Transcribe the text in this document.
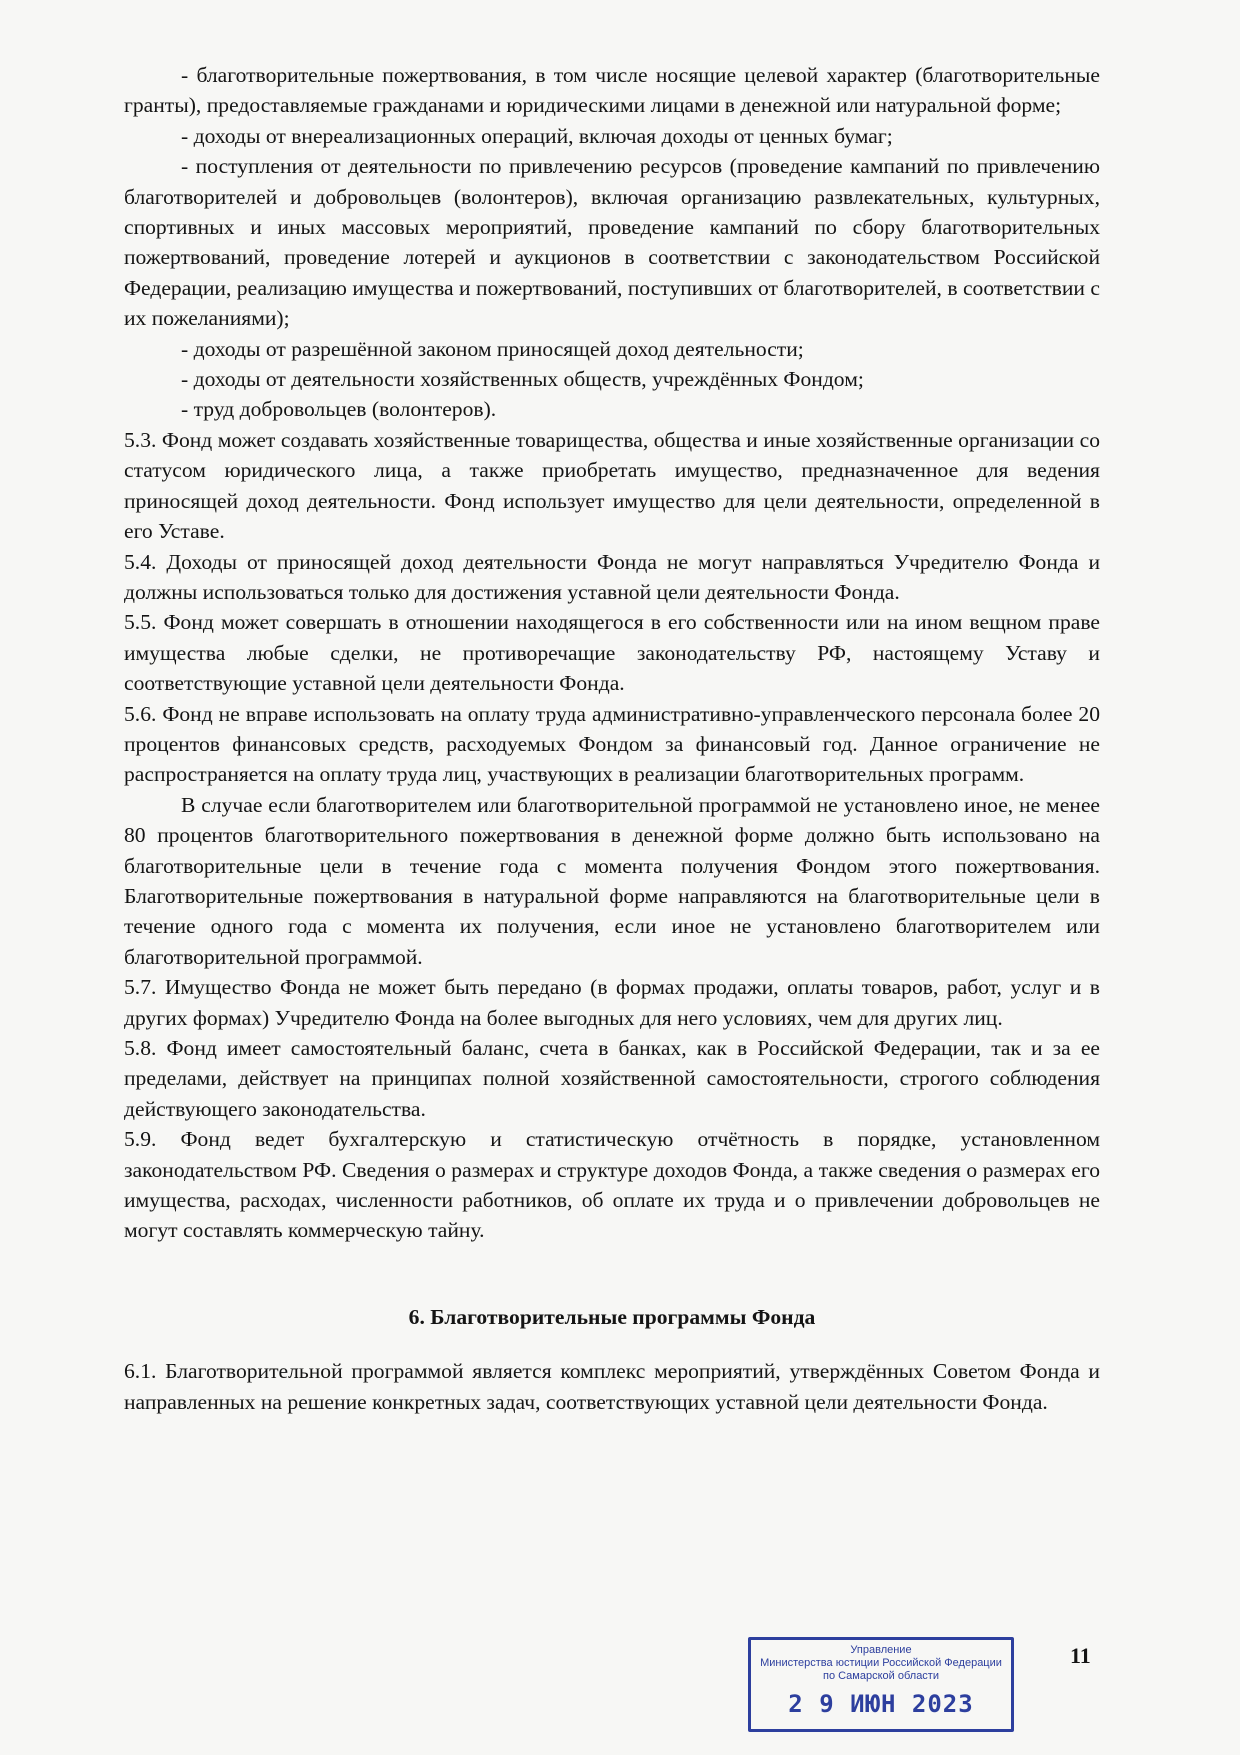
- благотворительные пожертвования, в том числе носящие целевой характер (благотворительные гранты), предоставляемые гражданами и юридическими лицами в денежной или натуральной форме;

- доходы от внереализационных операций, включая доходы от ценных бумаг;

- поступления от деятельности по привлечению ресурсов (проведение кампаний по привлечению благотворителей и добровольцев (волонтеров), включая организацию развлекательных, культурных, спортивных и иных массовых мероприятий, проведение кампаний по сбору благотворительных пожертвований, проведение лотерей и аукционов в соответствии с законодательством Российской Федерации, реализацию имущества и пожертвований, поступивших от благотворителей, в соответствии с их пожеланиями);

- доходы от разрешённой законом приносящей доход деятельности;

- доходы от деятельности хозяйственных обществ, учреждённых Фондом;

- труд добровольцев (волонтеров).

5.3. Фонд может создавать хозяйственные товарищества, общества и иные хозяйственные организации со статусом юридического лица, а также приобретать имущество, предназначенное для ведения приносящей доход деятельности. Фонд использует имущество для цели деятельности, определенной в его Уставе.

5.4. Доходы от приносящей доход деятельности Фонда не могут направляться Учредителю Фонда и должны использоваться только для достижения уставной цели деятельности Фонда.

5.5. Фонд может совершать в отношении находящегося в его собственности или на ином вещном праве имущества любые сделки, не противоречащие законодательству РФ, настоящему Уставу и соответствующие уставной цели деятельности Фонда.

5.6. Фонд не вправе использовать на оплату труда административно-управленческого персонала более 20 процентов финансовых средств, расходуемых Фондом за финансовый год. Данное ограничение не распространяется на оплату труда лиц, участвующих в реализации благотворительных программ.

В случае если благотворителем или благотворительной программой не установлено иное, не менее 80 процентов благотворительного пожертвования в денежной форме должно быть использовано на благотворительные цели в течение года с момента получения Фондом этого пожертвования. Благотворительные пожертвования в натуральной форме направляются на благотворительные цели в течение одного года с момента их получения, если иное не установлено благотворителем или благотворительной программой.

5.7. Имущество Фонда не может быть передано (в формах продажи, оплаты товаров, работ, услуг и в других формах) Учредителю Фонда на более выгодных для него условиях, чем для других лиц.

5.8. Фонд имеет самостоятельный баланс, счета в банках, как в Российской Федерации, так и за ее пределами, действует на принципах полной хозяйственной самостоятельности, строгого соблюдения действующего законодательства.

5.9. Фонд ведет бухгалтерскую и статистическую отчётность в порядке, установленном законодательством РФ. Сведения о размерах и структуре доходов Фонда, а также сведения о размерах его имущества, расходах, численности работников, об оплате их труда и о привлечении добровольцев не могут составлять коммерческую тайну.

6. Благотворительные программы Фонда

6.1. Благотворительной программой является комплекс мероприятий, утверждённых Советом Фонда и направленных на решение конкретных задач, соответствующих уставной цели деятельности Фонда.

Управление
Министерства юстиции Российской Федерации
по Самарской области
2 9 ИЮН 2023
11
